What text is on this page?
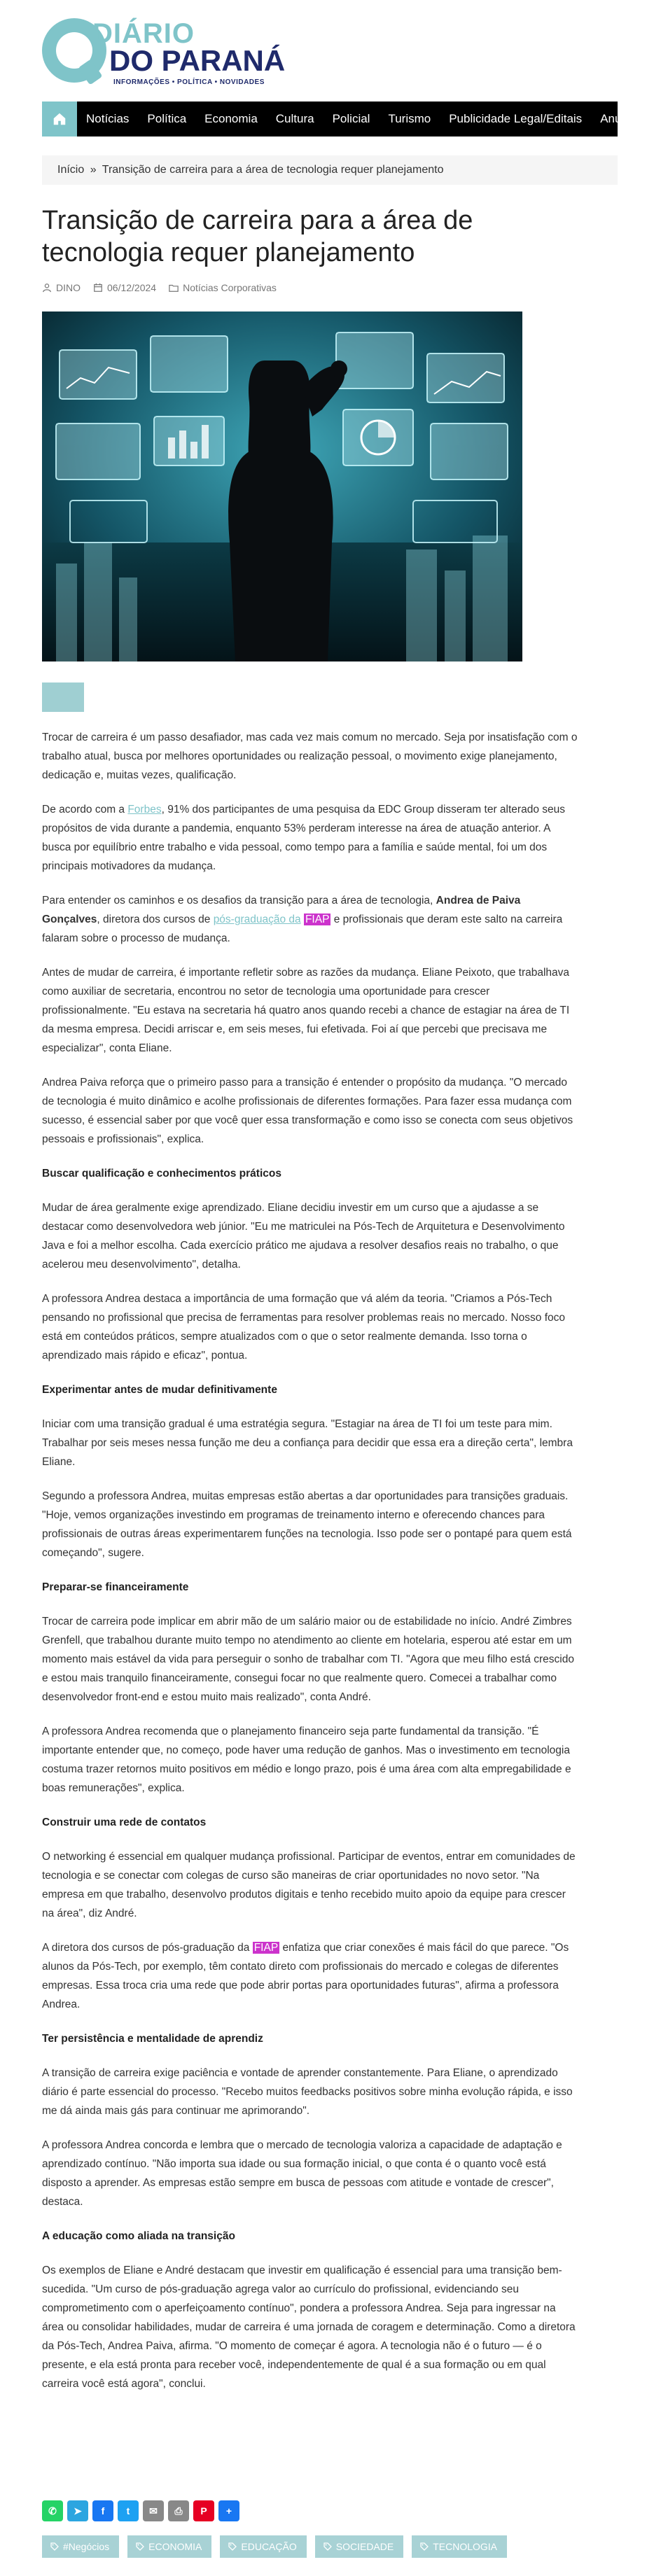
DIÁRIO
DO PARANÁ
INFORMAÇÕES • POLÍTICA • NOVIDADES
Notícias	Política	Economia	Cultura	Policial	Turismo	Publicidade Legal/Editais	Anuncie co
Início » Transição de carreira para a área de tecnologia requer planejamento
Transição de carreira para a área de tecnologia requer planejamento
DINO	06/12/2024	Notícias Corporativas

Trocar de carreira é um passo desafiador, mas cada vez mais comum no mercado. Seja por insatisfação com o trabalho atual, busca por melhores oportunidades ou realização pessoal, o movimento exige planejamento, dedicação e, muitas vezes, qualificação.

De acordo com a Forbes, 91% dos participantes de uma pesquisa da EDC Group disseram ter alterado seus propósitos de vida durante a pandemia, enquanto 53% perderam interesse na área de atuação anterior. A busca por equilíbrio entre trabalho e vida pessoal, como tempo para a família e saúde mental, foi um dos principais motivadores da mudança.

Para entender os caminhos e os desafios da transição para a área de tecnologia, Andrea de Paiva Gonçalves, diretora dos cursos de pós-graduação da FIAP e profissionais que deram este salto na carreira falaram sobre o processo de mudança.

Antes de mudar de carreira, é importante refletir sobre as razões da mudança. Eliane Peixoto, que trabalhava como auxiliar de secretaria, encontrou no setor de tecnologia uma oportunidade para crescer profissionalmente. "Eu estava na secretaria há quatro anos quando recebi a chance de estagiar na área de TI da mesma empresa. Decidi arriscar e, em seis meses, fui efetivada. Foi aí que percebi que precisava me especializar", conta Eliane.

Andrea Paiva reforça que o primeiro passo para a transição é entender o propósito da mudança. "O mercado de tecnologia é muito dinâmico e acolhe profissionais de diferentes formações. Para fazer essa mudança com sucesso, é essencial saber por que você quer essa transformação e como isso se conecta com seus objetivos pessoais e profissionais", explica.

Buscar qualificação e conhecimentos práticos

Mudar de área geralmente exige aprendizado. Eliane decidiu investir em um curso que a ajudasse a se destacar como desenvolvedora web júnior. "Eu me matriculei na Pós-Tech de Arquitetura e Desenvolvimento Java e foi a melhor escolha. Cada exercício prático me ajudava a resolver desafios reais no trabalho, o que acelerou meu desenvolvimento", detalha.

A professora Andrea destaca a importância de uma formação que vá além da teoria. "Criamos a Pós-Tech pensando no profissional que precisa de ferramentas para resolver problemas reais no mercado. Nosso foco está em conteúdos práticos, sempre atualizados com o que o setor realmente demanda. Isso torna o aprendizado mais rápido e eficaz", pontua.

Experimentar antes de mudar definitivamente

Iniciar com uma transição gradual é uma estratégia segura. "Estagiar na área de TI foi um teste para mim. Trabalhar por seis meses nessa função me deu a confiança para decidir que essa era a direção certa", lembra Eliane.

Segundo a professora Andrea, muitas empresas estão abertas a dar oportunidades para transições graduais. "Hoje, vemos organizações investindo em programas de treinamento interno e oferecendo chances para profissionais de outras áreas experimentarem funções na tecnologia. Isso pode ser o pontapé para quem está começando", sugere.

Preparar-se financeiramente

Trocar de carreira pode implicar em abrir mão de um salário maior ou de estabilidade no início. André Zimbres Grenfell, que trabalhou durante muito tempo no atendimento ao cliente em hotelaria, esperou até estar em um momento mais estável da vida para perseguir o sonho de trabalhar com TI. "Agora que meu filho está crescido e estou mais tranquilo financeiramente, consegui focar no que realmente quero. Comecei a trabalhar como desenvolvedor front-end e estou muito mais realizado", conta André.

A professora Andrea recomenda que o planejamento financeiro seja parte fundamental da transição. "É importante entender que, no começo, pode haver uma redução de ganhos. Mas o investimento em tecnologia costuma trazer retornos muito positivos em médio e longo prazo, pois é uma área com alta empregabilidade e boas remunerações", explica.

Construir uma rede de contatos

O networking é essencial em qualquer mudança profissional. Participar de eventos, entrar em comunidades de tecnologia e se conectar com colegas de curso são maneiras de criar oportunidades no novo setor. "Na empresa em que trabalho, desenvolvo produtos digitais e tenho recebido muito apoio da equipe para crescer na área", diz André.

A diretora dos cursos de pós-graduação da FIAP enfatiza que criar conexões é mais fácil do que parece. "Os alunos da Pós-Tech, por exemplo, têm contato direto com profissionais do mercado e colegas de diferentes empresas. Essa troca cria uma rede que pode abrir portas para oportunidades futuras", afirma a professora Andrea.

Ter persistência e mentalidade de aprendiz

A transição de carreira exige paciência e vontade de aprender constantemente. Para Eliane, o aprendizado diário é parte essencial do processo. "Recebo muitos feedbacks positivos sobre minha evolução rápida, e isso me dá ainda mais gás para continuar me aprimorando".

A professora Andrea concorda e lembra que o mercado de tecnologia valoriza a capacidade de adaptação e aprendizado contínuo. "Não importa sua idade ou sua formação inicial, o que conta é o quanto você está disposto a aprender. As empresas estão sempre em busca de pessoas com atitude e vontade de crescer", destaca.

A educação como aliada na transição

Os exemplos de Eliane e André destacam que investir em qualificação é essencial para uma transição bem-sucedida. "Um curso de pós-graduação agrega valor ao currículo do profissional, evidenciando seu comprometimento com o aperfeiçoamento contínuo", pondera a professora Andrea. Seja para ingressar na área ou consolidar habilidades, mudar de carreira é uma jornada de coragem e determinação. Como a diretora da Pós-Tech, Andrea Paiva, afirma. "O momento de começar é agora. A tecnologia não é o futuro — é o presente, e ela está pronta para receber você, independentemente de qual é a sua formação ou em qual carreira você está agora", conclui.

✆	➤	f	t	✉	⎙	P	+
#Negócios	ECONOMIA	EDUCAÇÃO	SOCIEDADE	TECNOLOGIA
